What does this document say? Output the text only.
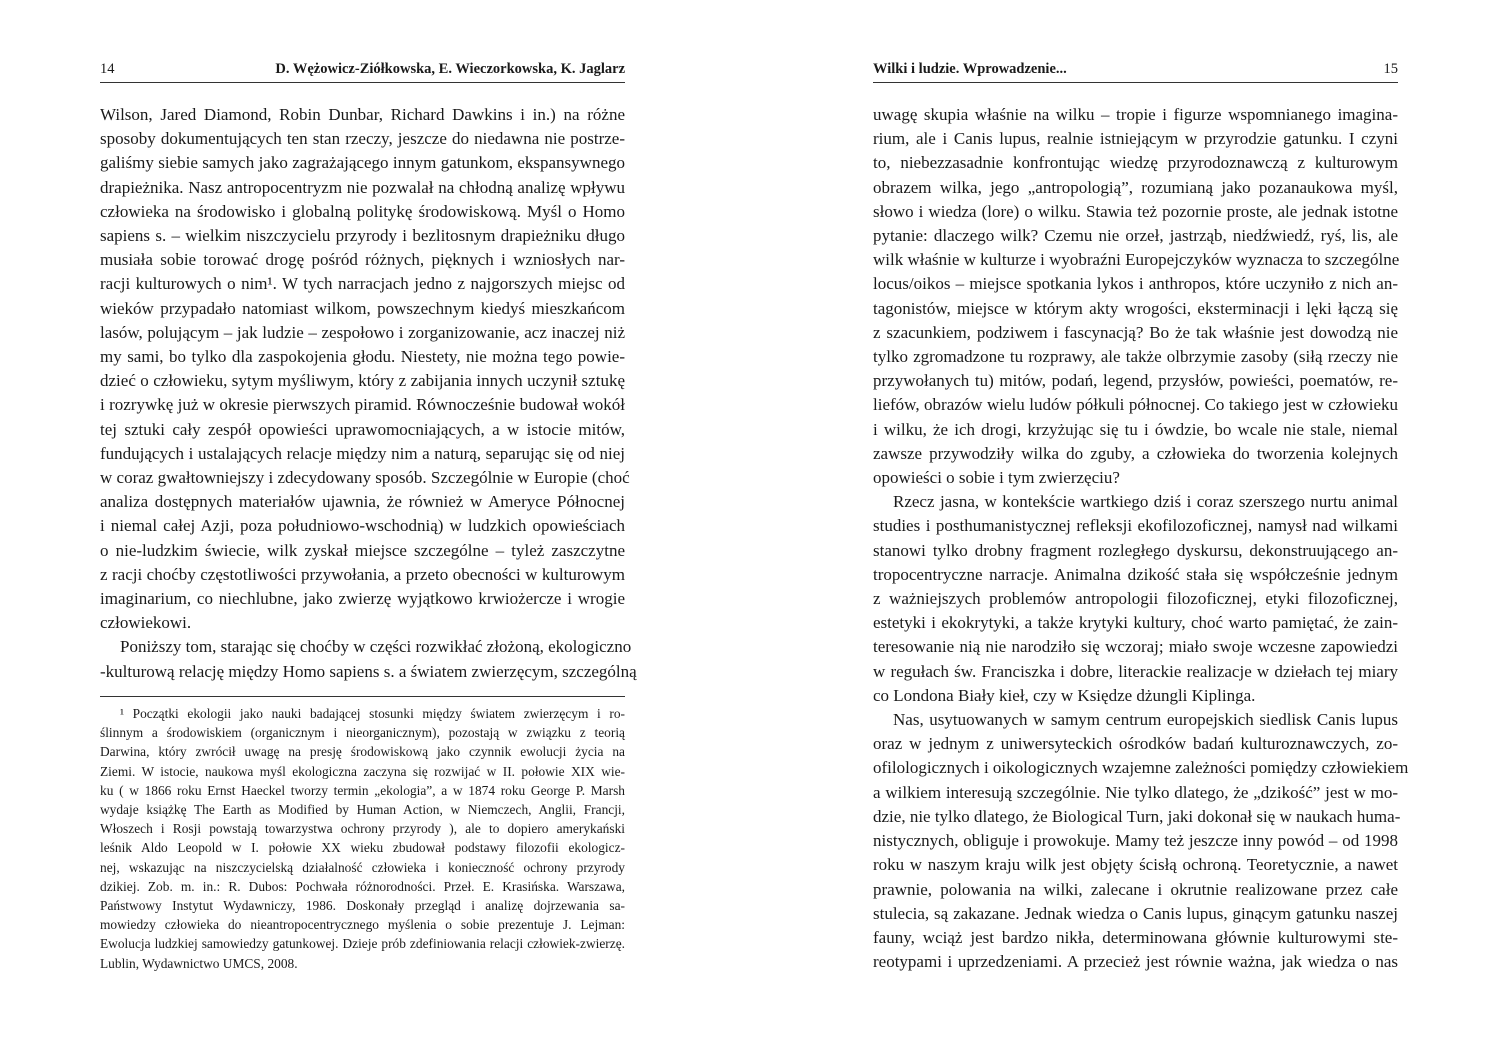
14	D. Wężowicz-Ziółkowska, E. Wieczorkowska, K. Jaglarz
Wilson, Jared Diamond, Robin Dunbar, Richard Dawkins i in.) na różne
sposoby dokumentujących ten stan rzeczy, jeszcze do niedawna nie postrze-
galiśmy siebie samych jako zagrażającego innym gatunkom, ekspansywnego
drapieżnika. Nasz antropocentryzm nie pozwalał na chłodną analizę wpływu
człowieka na środowisko i globalną politykę środowiskową. Myśl o Homo
sapiens s. – wielkim niszczycielu przyrody i bezlitosnym drapieżniku długo
musiała sobie torować drogę pośród różnych, pięknych i wzniosłych nar-
racji kulturowych o nim¹. W tych narracjach jedno z najgorszych miejsc od
wieków przypadało natomiast wilkom, powszechnym kiedyś mieszkańcom
lasów, polującym – jak ludzie – zespołowo i zorganizowanie, acz inaczej niż
my sami, bo tylko dla zaspokojenia głodu. Niestety, nie można tego powie-
dzieć o człowieku, sytym myśliwym, który z zabijania innych uczynił sztukę
i rozrywkę już w okresie pierwszych piramid. Równocześnie budował wokół
tej sztuki cały zespół opowieści uprawomocniających, a w istocie mitów,
fundujących i ustalających relacje między nim a naturą, separując się od niej
w coraz gwałtowniejszy i zdecydowany sposób. Szczególnie w Europie (choć
analiza dostępnych materiałów ujawnia, że również w Ameryce Północnej
i niemal całej Azji, poza południowo-wschodnią) w ludzkich opowieściach
o nie-ludzkim świecie, wilk zyskał miejsce szczególne – tyleż zaszczytne
z racji choćby częstotliwości przywołania, a przeto obecności w kulturowym
imaginarium, co niechlubne, jako zwierzę wyjątkowo krwiożercze i wrogie
człowiekowi.
Poniższy tom, starając się choćby w części rozwikłać złożoną, ekologiczno
-kulturową relację między Homo sapiens s. a światem zwierzęcym, szczególną
¹ Początki ekologii jako nauki badającej stosunki między światem zwierzęcym i ro-
ślinnym a środowiskiem (organicznym i nieorganicznym), pozostają w związku z teorią
Darwina, który zwrócił uwagę na presję środowiskową jako czynnik ewolucji życia na
Ziemi. W istocie, naukowa myśl ekologiczna zaczyna się rozwijać w II. połowie XIX wie-
ku ( w 1866 roku Ernst Haeckel tworzy termin „ekologia”, a w 1874 roku George P. Marsh
wydaje książkę The Earth as Modified by Human Action, w Niemczech, Anglii, Francji,
Włoszech i Rosji powstają towarzystwa ochrony przyrody ), ale to dopiero amerykański
leśnik Aldo Leopold w I. połowie XX wieku zbudował podstawy filozofii ekologicz-
nej, wskazując na niszczycielską działalność człowieka i konieczność ochrony przyrody
dzikiej. Zob. m. in.: R. Dubos: Pochwała różnorodności. Przeł. E. Krasińska. Warszawa,
Państwowy Instytut Wydawniczy, 1986. Doskonały przegląd i analizę dojrzewania sa-
mowiedzy człowieka do nieantropocentrycznego myślenia o sobie prezentuje J. Lejman:
Ewolucja ludzkiej samowiedzy gatunkowej. Dzieje prób zdefiniowania relacji człowiek-zwierzę.
Lublin, Wydawnictwo UMCS, 2008.
Wilki i ludzie. Wprowadzenie...	15
uwagę skupia właśnie na wilku – tropie i figurze wspomnianego imagina-
rium, ale i Canis lupus, realnie istniejącym w przyrodzie gatunku. I czyni
to, niebezzasadnie konfrontując wiedzę przyrodoznawczą z kulturowym
obrazem wilka, jego „antropologią”, rozumianą jako pozanaukowa myśl,
słowo i wiedza (lore) o wilku. Stawia też pozornie proste, ale jednak istotne
pytanie: dlaczego wilk? Czemu nie orzeł, jastrząb, niedźwiedź, ryś, lis, ale
wilk właśnie w kulturze i wyobraźni Europejczyków wyznacza to szczególne
locus/oikos – miejsce spotkania lykos i anthropos, które uczyniło z nich an-
tagonistów, miejsce w którym akty wrogości, eksterminacji i lęki łączą się
z szacunkiem, podziwem i fascynacją? Bo że tak właśnie jest dowodzą nie
tylko zgromadzone tu rozprawy, ale także olbrzymie zasoby (siłą rzeczy nie
przywołanych tu) mitów, podań, legend, przysłów, powieści, poematów, re-
liefów, obrazów wielu ludów półkuli północnej. Co takiego jest w człowieku
i wilku, że ich drogi, krzyżując się tu i ówdzie, bo wcale nie stale, niemal
zawsze przywodziły wilka do zguby, a człowieka do tworzenia kolejnych
opowieści o sobie i tym zwierzęciu?
Rzecz jasna, w kontekście wartkiego dziś i coraz szerszego nurtu animal
studies i posthumanistycznej refleksji ekofilozoficznej, namysł nad wilkami
stanowi tylko drobny fragment rozległego dyskursu, dekonstruującego an-
tropocentryczne narracje. Animalna dzikość stała się współcześnie jednym
z ważniejszych problemów antropologii filozoficznej, etyki filozoficznej,
estetyki i ekokrytyki, a także krytyki kultury, choć warto pamiętać, że zain-
teresowanie nią nie narodziło się wczoraj; miało swoje wczesne zapowiedzi
w regułach św. Franciszka i dobre, literackie realizacje w dziełach tej miary
co Londona Biały kieł, czy w Księdze dżungli Kiplinga.
Nas, usytuowanych w samym centrum europejskich siedlisk Canis lupus
oraz w jednym z uniwersyteckich ośrodków badań kulturoznawczych, zo-
ofilologicznych i oikologicznych wzajemne zależności pomiędzy człowiekiem
a wilkiem interesują szczególnie. Nie tylko dlatego, że „dzikość” jest w mo-
dzie, nie tylko dlatego, że Biological Turn, jaki dokonał się w naukach huma-
nistycznych, obliguje i prowokuje. Mamy też jeszcze inny powód – od 1998
roku w naszym kraju wilk jest objęty ścisłą ochroną. Teoretycznie, a nawet
prawnie, polowania na wilki, zalecane i okrutnie realizowane przez całe
stulecia, są zakazane. Jednak wiedza o Canis lupus, ginącym gatunku naszej
fauny, wciąż jest bardzo nikła, determinowana głównie kulturowymi ste-
reotypami i uprzedzeniami. A przecież jest równie ważna, jak wiedza o nas
